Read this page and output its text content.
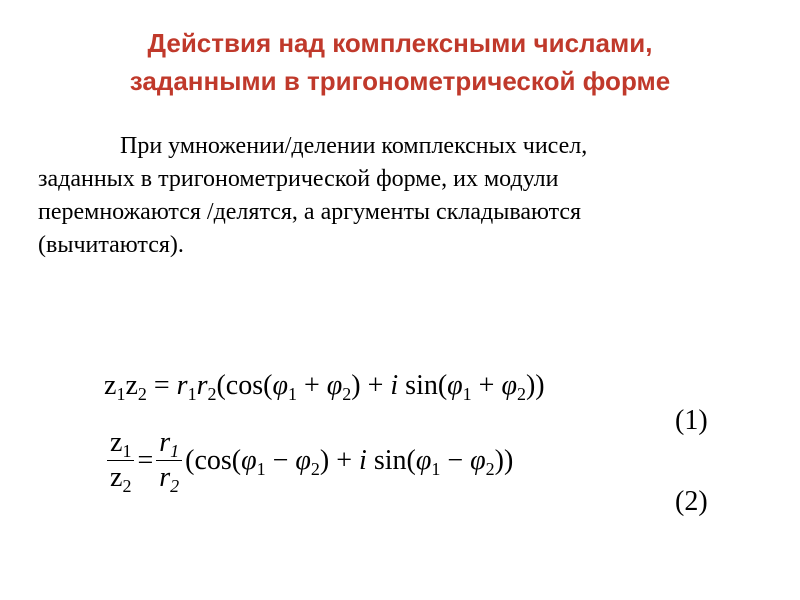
Действия над комплексными числами,
заданными в тригонометрической форме
При умножении/делении комплексных чисел,
заданных в тригонометрической форме, их модули
перемножаются /делятся, а аргументы складываются
(вычитаются).
$z_1z_2 = r_1r_2(\cos(\varphi_1 + \varphi_2) + i$ $\sin(\varphi_1 + \varphi_2)$)
(1)
$\frac{z_1}{z_2} = \frac{r_1}{r_2} (\cos(\varphi_1 - \varphi_2) + i$ $\sin(\varphi_1 - \varphi_2)$)
(2)
